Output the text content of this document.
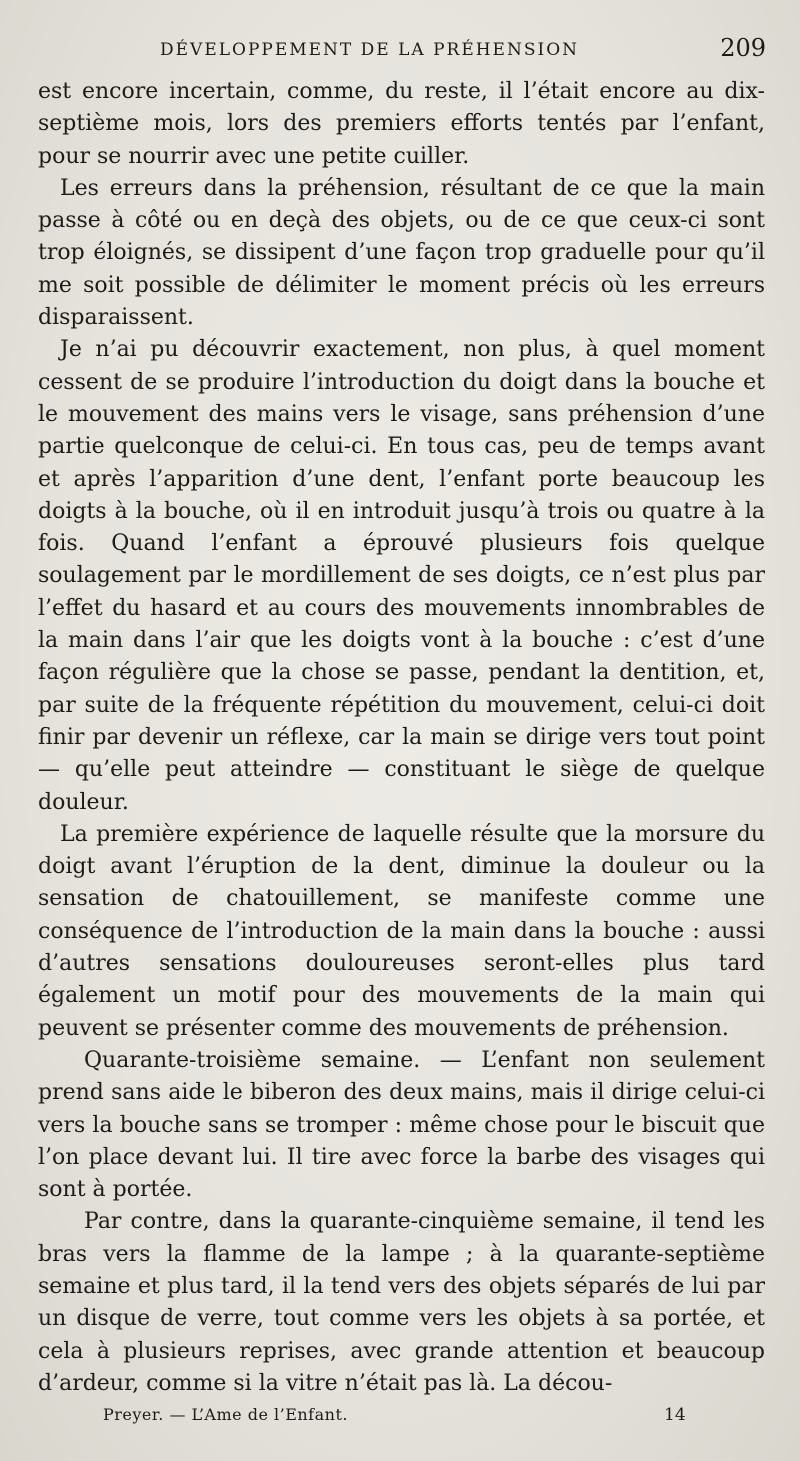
DÉVELOPPEMENT DE LA PRÉHENSION	209

est encore incertain, comme, du reste, il l’était encore au dix-septième mois, lors des premiers efforts tentés par l’enfant, pour se nourrir avec une petite cuiller.

Les erreurs dans la préhension, résultant de ce que la main passe à côté ou en deçà des objets, ou de ce que ceux-ci sont trop éloignés, se dissipent d’une façon trop graduelle pour qu’il me soit possible de délimiter le moment précis où les erreurs disparaissent.

Je n’ai pu découvrir exactement, non plus, à quel moment cessent de se produire l’introduction du doigt dans la bouche et le mouvement des mains vers le visage, sans préhension d’une partie quelconque de celui-ci. En tous cas, peu de temps avant et après l’apparition d’une dent, l’enfant porte beaucoup les doigts à la bouche, où il en introduit jusqu’à trois ou quatre à la fois. Quand l’enfant a éprouvé plusieurs fois quelque soulagement par le mordillement de ses doigts, ce n’est plus par l’effet du hasard et au cours des mouvements innombrables de la main dans l’air que les doigts vont à la bouche : c’est d’une façon régulière que la chose se passe, pendant la dentition, et, par suite de la fréquente répétition du mouvement, celui-ci doit finir par devenir un réflexe, car la main se dirige vers tout point — qu’elle peut atteindre — constituant le siège de quelque douleur.

La première expérience de laquelle résulte que la morsure du doigt avant l’éruption de la dent, diminue la douleur ou la sensation de chatouillement, se manifeste comme une conséquence de l’introduction de la main dans la bouche : aussi d’autres sensations douloureuses seront-elles plus tard également un motif pour des mouvements de la main qui peuvent se présenter comme des mouvements de préhension.

Quarante-troisième semaine. — L’enfant non seulement prend sans aide le biberon des deux mains, mais il dirige celui-ci vers la bouche sans se tromper : même chose pour le biscuit que l’on place devant lui. Il tire avec force la barbe des visages qui sont à portée.

Par contre, dans la quarante-cinquième semaine, il tend les bras vers la flamme de la lampe ; à la quarante-septième semaine et plus tard, il la tend vers des objets séparés de lui par un disque de verre, tout comme vers les objets à sa portée, et cela à plusieurs reprises, avec grande attention et beaucoup d’ardeur, comme si la vitre n’était pas là. La décou-

Preyer. — L’Ame de l’Enfant.	14
